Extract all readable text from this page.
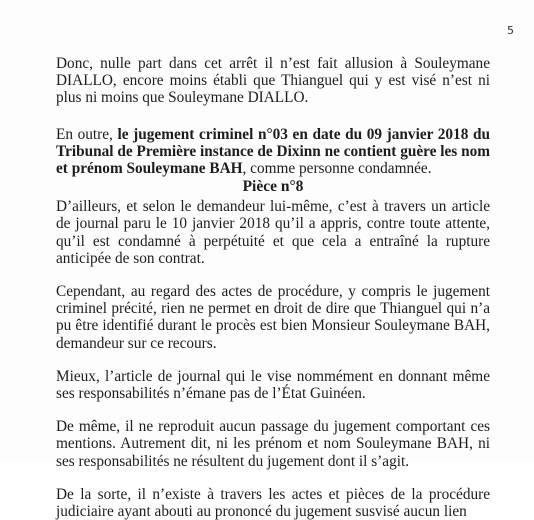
5

Donc, nulle part dans cet arrêt il n’est fait allusion à Souleymane DIALLO, encore moins établi que Thianguel qui y est visé n’est ni plus ni moins que Souleymane DIALLO.

En outre, le jugement criminel n°03 en date du 09 janvier 2018 du Tribunal de Première instance de Dixinn ne contient guère les nom et prénom Souleymane BAH, comme personne condamnée.

Pièce n°8

D’ailleurs, et selon le demandeur lui-même, c’est à travers un article de journal paru le 10 janvier 2018 qu’il a appris, contre toute attente, qu’il est condamné à perpétuité et que cela a entraîné la rupture anticipée de son contrat.

Cependant, au regard des actes de procédure, y compris le jugement criminel précité, rien ne permet en droit de dire que Thianguel qui n’a pu être identifié durant le procès est bien Monsieur Souleymane BAH, demandeur sur ce recours.

Mieux, l’article de journal qui le vise nommément en donnant même ses responsabilités n’émane pas de l’État Guinéen.

De même, il ne reproduit aucun passage du jugement comportant ces mentions. Autrement dit, ni les prénom et nom Souleymane BAH, ni ses responsabilités ne résultent du jugement dont il s’agit.

De la sorte, il n’existe à travers les actes et pièces de la procédure judiciaire ayant abouti au prononcé du jugement susvisé aucun lien
